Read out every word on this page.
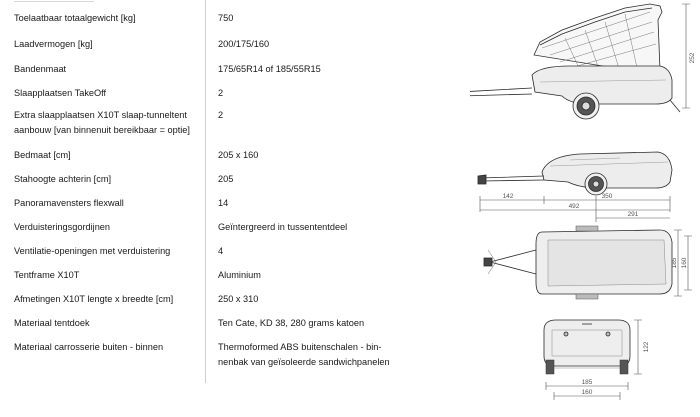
Toelaatbaar totaalgewicht [kg]	750
Laadvermogen [kg]	200/175/160
Bandenmaat	175/65R14 of 185/55R15
Slaapplaatsen TakeOff	2
Extra slaapplaatsen X10T slaap-tunneltent	2
aanbouw [van binnenuit bereikbaar = optie]
Bedmaat [cm]	205 x 160
Stahoogte achterin [cm]	205
Panoramavensters flexwall	14
Verduisteringsgordijnen	Geïntergreerd in tussententdeel
Ventilatie-openingen met verduistering	4
Tentframe X10T	Aluminium
Afmetingen X10T lengte x breedte [cm]	250 x 310
Materiaal tentdoek	Ten Cate, KD 38, 280 grams katoen
Materiaal carrosserie buiten - binnen	Thermoformed ABS buitenschalen - bin-
nenbak van geïsoleerde sandwichpanelen
252
142	350
492
291
185 160
122
185
160
